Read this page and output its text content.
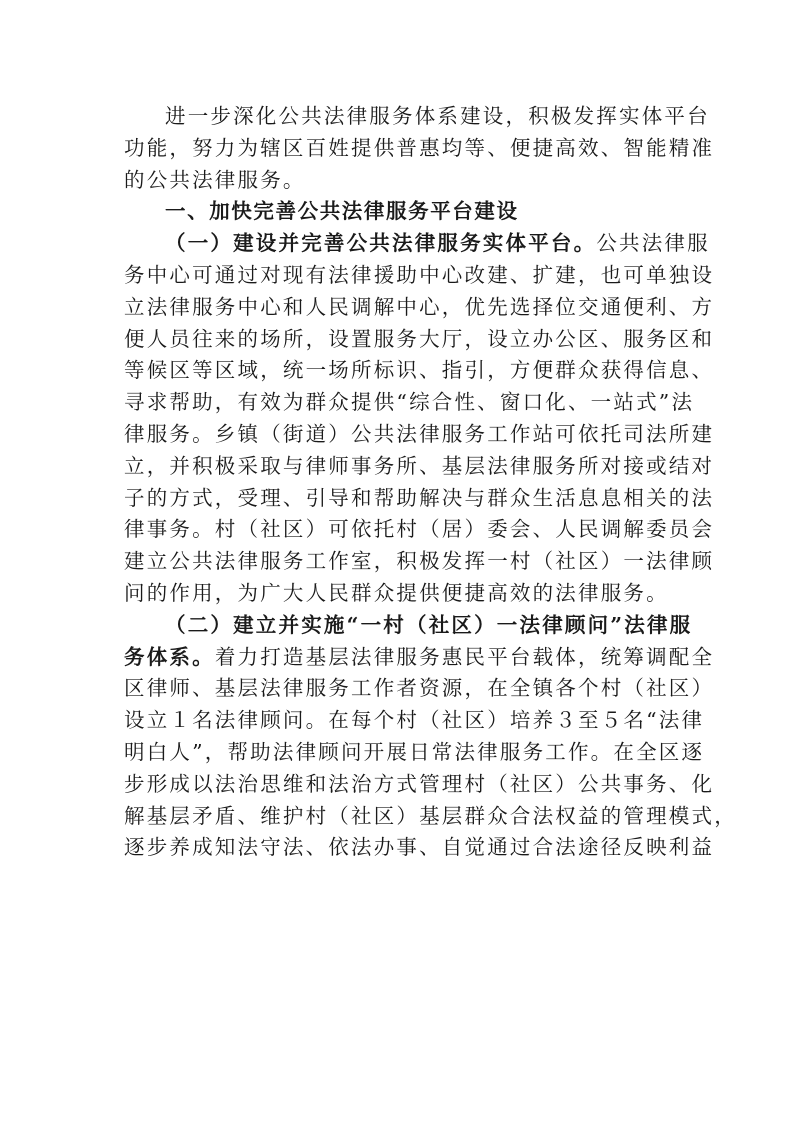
进一步深化公共法律服务体系建设，积极发挥实体平台
功能，努力为辖区百姓提供普惠均等、便捷高效、智能精准
的公共法律服务。
一、加快完善公共法律服务平台建设
（一）建设并完善公共法律服务实体平台。公共法律服
务中心可通过对现有法律援助中心改建、扩建，也可单独设
立法律服务中心和人民调解中心，优先选择位交通便利、方
便人员往来的场所，设置服务大厅，设立办公区、服务区和
等候区等区域，统一场所标识、指引，方便群众获得信息、
寻求帮助，有效为群众提供“综合性、窗口化、一站式”法
律服务。乡镇（街道）公共法律服务工作站可依托司法所建
立，并积极采取与律师事务所、基层法律服务所对接或结对
子的方式，受理、引导和帮助解决与群众生活息息相关的法
律事务。村（社区）可依托村（居）委会、人民调解委员会
建立公共法律服务工作室，积极发挥一村（社区）一法律顾
问的作用，为广大人民群众提供便捷高效的法律服务。
（二）建立并实施“一村（社区）一法律顾问”法律服
务体系。着力打造基层法律服务惠民平台载体，统筹调配全
区律师、基层法律服务工作者资源，在全镇各个村（社区）
设立１名法律顾问。在每个村（社区）培养３至５名“法律
明白人”，帮助法律顾问开展日常法律服务工作。在全区逐
步形成以法治思维和法治方式管理村（社区）公共事务、化
解基层矛盾、维护村（社区）基层群众合法权益的管理模式，
逐步养成知法守法、依法办事、自觉通过合法途径反映利益
